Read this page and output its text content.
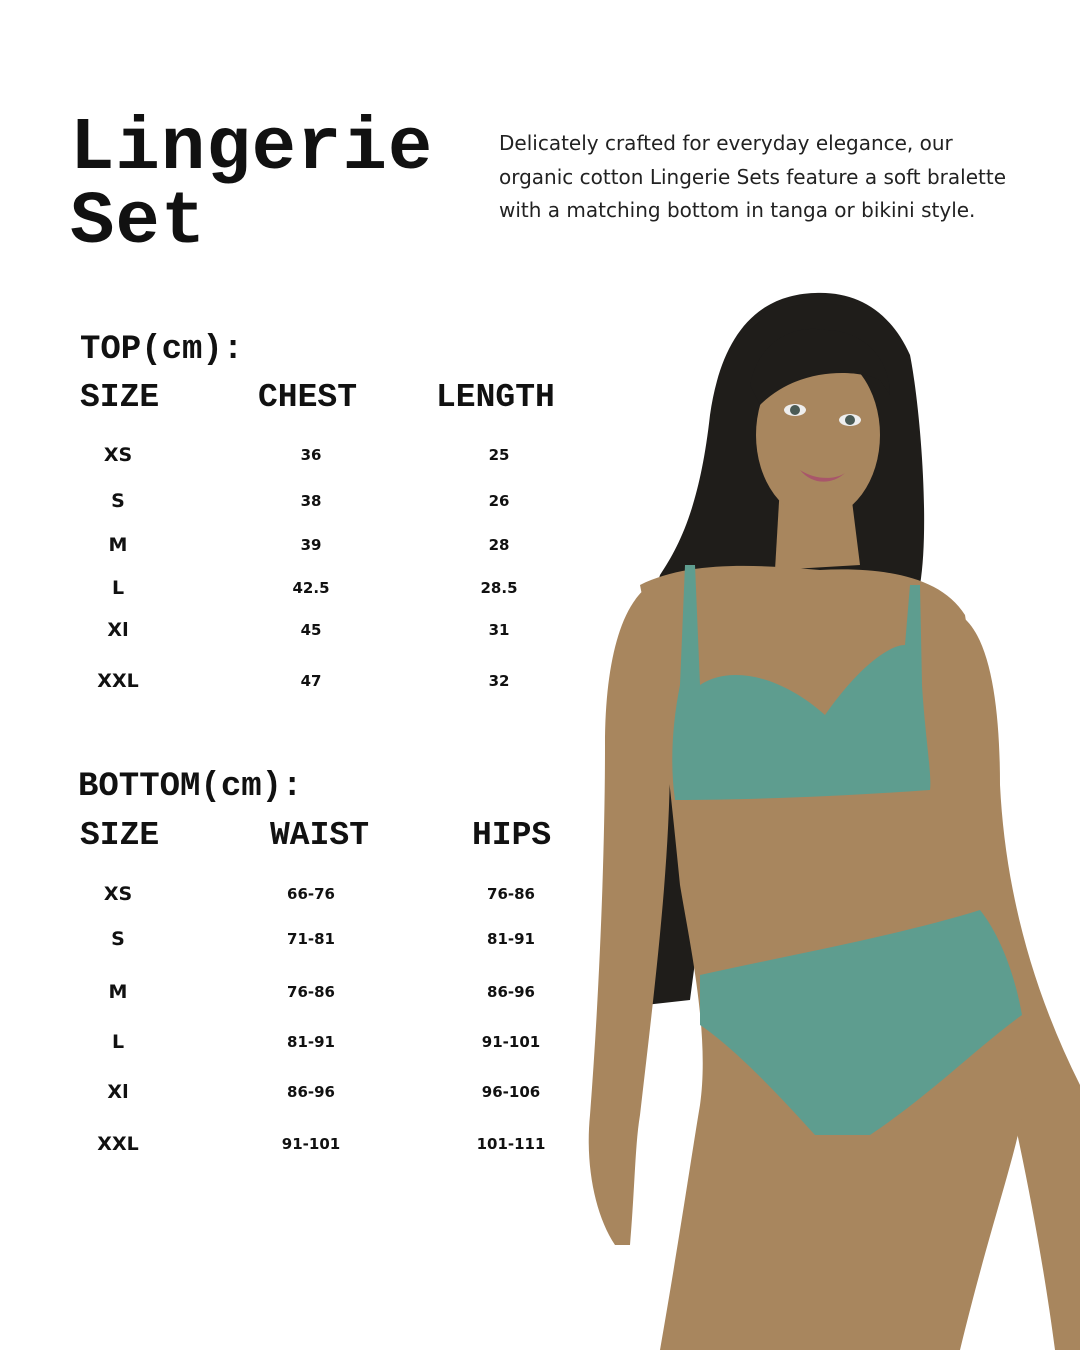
Lingerie
Set
Delicately crafted for everyday elegance, our organic cotton Lingerie Sets feature a soft bralette with a matching bottom in tanga or bikini style.
TOP(cm):
SIZE	CHEST LENGTH
XS	36	25
S	38	26
M	39	28
L	42.5	28.5
Xl	45	31
XXL	47	32
BOTTOM(cm):
SIZE	WAIST	HIPS
XS	66-76	76-86
S	71-81	81-91
M	76-86	86-96
L	81-91	91-101
Xl	86-96	96-106
XXL	91-101	101-111
